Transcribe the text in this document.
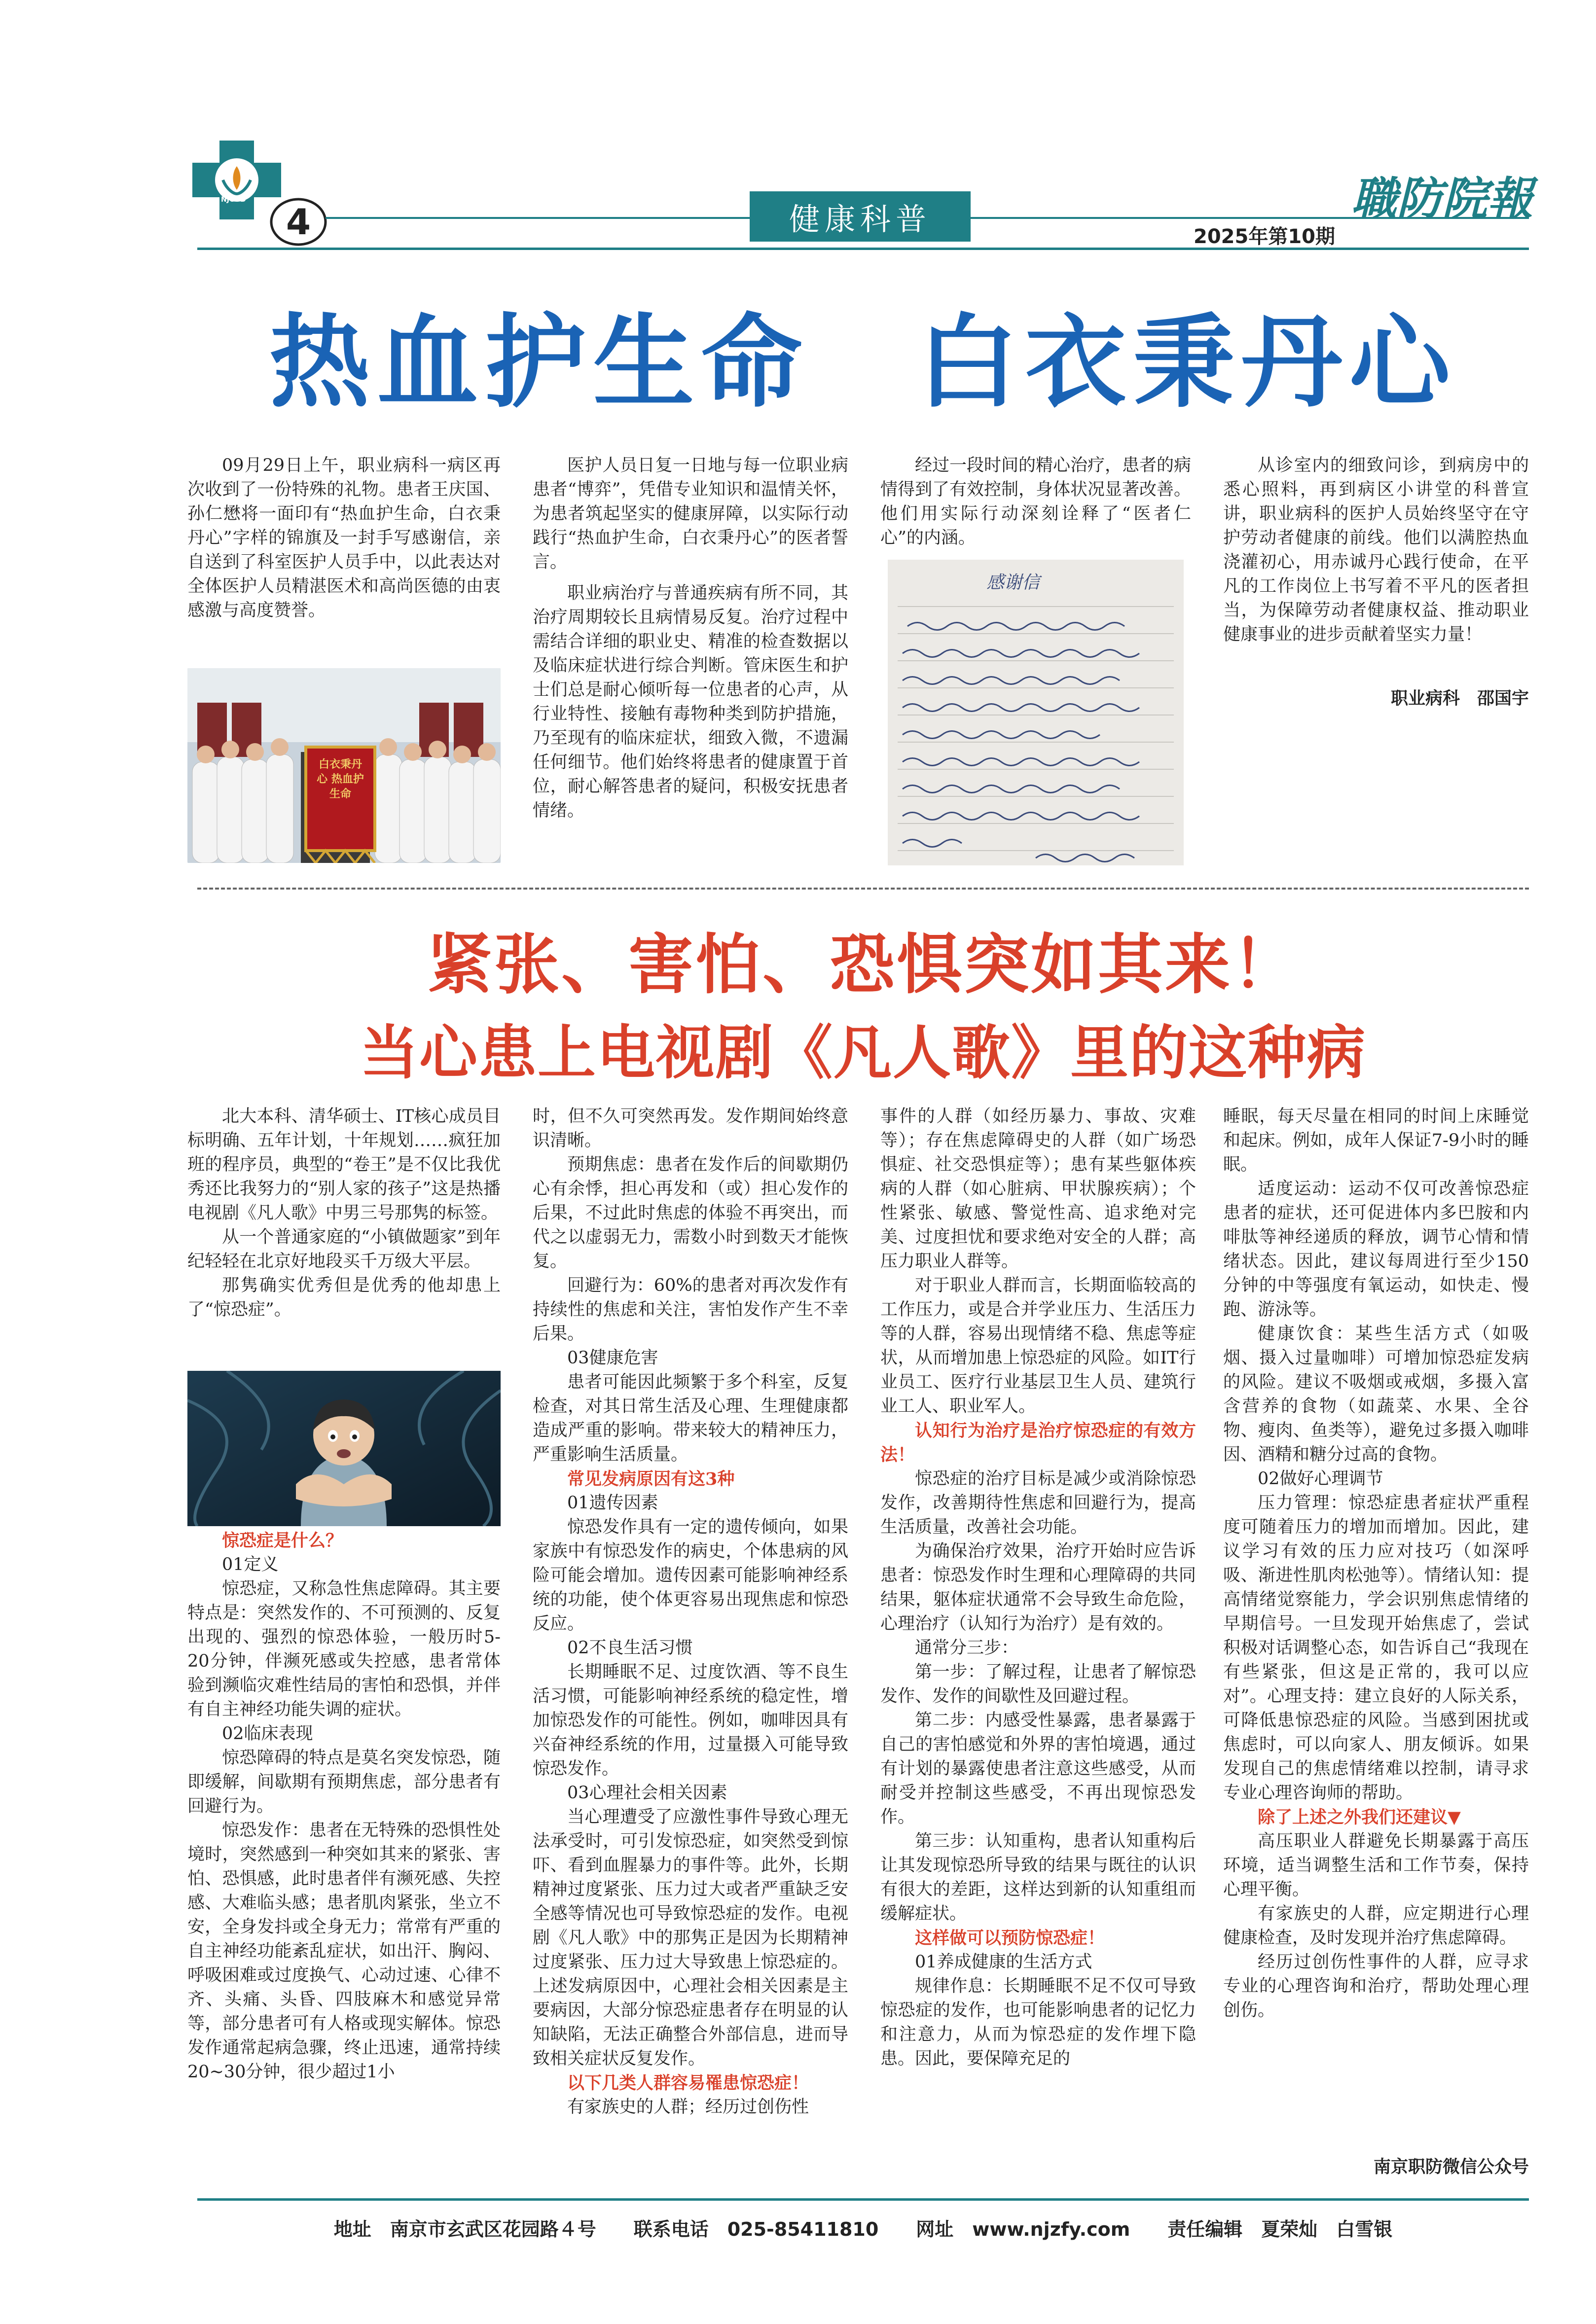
NJCOD
4	健康科普	2025年第10期
職防院報
热血护生命　白衣秉丹心

09月29日上午，职业病科一病区再次收到了一份特殊的礼物。患者王庆国、孙仁懋将一面印有“热血护生命，白衣秉丹心”字样的锦旗及一封手写感谢信，亲自送到了科室医护人员手中，以此表达对全体医护人员精湛医术和高尚医德的由衷感激与高度赞誉。

白衣秉丹心 热血护生命

医护人员日复一日地与每一位职业病患者“博弈”，凭借专业知识和温情关怀，为患者筑起坚实的健康屏障，以实际行动践行“热血护生命，白衣秉丹心”的医者誓言。

职业病治疗与普通疾病有所不同，其治疗周期较长且病情易反复。治疗过程中需结合详细的职业史、精准的检查数据以及临床症状进行综合判断。管床医生和护士们总是耐心倾听每一位患者的心声，从行业特性、接触有毒物种类到防护措施，乃至现有的临床症状，细致入微，不遗漏任何细节。他们始终将患者的健康置于首位，耐心解答患者的疑问，积极安抚患者情绪。

经过一段时间的精心治疗，患者的病情得到了有效控制，身体状况显著改善。他们用实际行动深刻诠释了“医者仁心”的内涵。

感谢信

从诊室内的细致问诊，到病房中的悉心照料，再到病区小讲堂的科普宣讲，职业病科的医护人员始终坚守在守护劳动者健康的前线。他们以满腔热血浇灌初心，用赤诚丹心践行使命，在平凡的工作岗位上书写着不平凡的医者担当，为保障劳动者健康权益、推动职业健康事业的进步贡献着坚实力量！

职业病科　邵国宇

紧张、害怕、恐惧突如其来！
当心患上电视剧《凡人歌》里的这种病

北大本科、清华硕士、IT核心成员目标明确、五年计划，十年规划……疯狂加班的程序员，典型的“卷王”是不仅比我优秀还比我努力的“别人家的孩子”这是热播电视剧《凡人歌》中男三号那隽的标签。

从一个普通家庭的“小镇做题家”到年纪轻轻在北京好地段买千万级大平层。

那隽确实优秀但是优秀的他却患上了“惊恐症”。

惊恐症是什么？

01定义

惊恐症，又称急性焦虑障碍。其主要特点是：突然发作的、不可预测的、反复出现的、强烈的惊恐体验，一般历时5-20分钟，伴濒死感或失控感，患者常体验到濒临灾难性结局的害怕和恐惧，并伴有自主神经功能失调的症状。

02临床表现

惊恐障碍的特点是莫名突发惊恐，随即缓解，间歇期有预期焦虑，部分患者有回避行为。

惊恐发作：患者在无特殊的恐惧性处境时，突然感到一种突如其来的紧张、害怕、恐惧感，此时患者伴有濒死感、失控感、大难临头感；患者肌肉紧张，坐立不安，全身发抖或全身无力；常常有严重的自主神经功能紊乱症状，如出汗、胸闷、呼吸困难或过度换气、心动过速、心律不齐、头痛、头昏、四肢麻木和感觉异常等，部分患者可有人格或现实解体。惊恐发作通常起病急骤，终止迅速，通常持续20~30分钟，很少超过1小

时，但不久可突然再发。发作期间始终意识清晰。

预期焦虑：患者在发作后的间歇期仍心有余悸，担心再发和（或）担心发作的后果，不过此时焦虑的体验不再突出，而代之以虚弱无力，需数小时到数天才能恢复。

回避行为：60%的患者对再次发作有持续性的焦虑和关注，害怕发作产生不幸后果。

03健康危害

患者可能因此频繁于多个科室，反复检查，对其日常生活及心理、生理健康都造成严重的影响。带来较大的精神压力，严重影响生活质量。

常见发病原因有这3种

01遗传因素

惊恐发作具有一定的遗传倾向，如果家族中有惊恐发作的病史，个体患病的风险可能会增加。遗传因素可能影响神经系统的功能，使个体更容易出现焦虑和惊恐反应。

02不良生活习惯

长期睡眠不足、过度饮酒、等不良生活习惯，可能影响神经系统的稳定性，增加惊恐发作的可能性。例如，咖啡因具有兴奋神经系统的作用，过量摄入可能导致惊恐发作。

03心理社会相关因素

当心理遭受了应激性事件导致心理无法承受时，可引发惊恐症，如突然受到惊吓、看到血腥暴力的事件等。此外，长期精神过度紧张、压力过大或者严重缺乏安全感等情况也可导致惊恐症的发作。电视剧《凡人歌》中的那隽正是因为长期精神过度紧张、压力过大导致患上惊恐症的。上述发病原因中，心理社会相关因素是主要病因，大部分惊恐症患者存在明显的认知缺陷，无法正确整合外部信息，进而导致相关症状反复发作。

以下几类人群容易罹患惊恐症！

有家族史的人群；经历过创伤性

事件的人群（如经历暴力、事故、灾难等）；存在焦虑障碍史的人群（如广场恐惧症、社交恐惧症等）；患有某些躯体疾病的人群（如心脏病、甲状腺疾病）；个性紧张、敏感、警觉性高、追求绝对完美、过度担忧和要求绝对安全的人群；高压力职业人群等。

对于职业人群而言，长期面临较高的工作压力，或是合并学业压力、生活压力等的人群，容易出现情绪不稳、焦虑等症状，从而增加患上惊恐症的风险。如IT行业员工、医疗行业基层卫生人员、建筑行业工人、职业军人。

认知行为治疗是治疗惊恐症的有效方法！

惊恐症的治疗目标是减少或消除惊恐发作，改善期待性焦虑和回避行为，提高生活质量，改善社会功能。

为确保治疗效果，治疗开始时应告诉患者：惊恐发作时生理和心理障碍的共同结果，躯体症状通常不会导致生命危险，心理治疗（认知行为治疗）是有效的。

通常分三步：

第一步：了解过程，让患者了解惊恐发作、发作的间歇性及回避过程。

第二步：内感受性暴露，患者暴露于自己的害怕感觉和外界的害怕境遇，通过有计划的暴露使患者注意这些感受，从而耐受并控制这些感受，不再出现惊恐发作。

第三步：认知重构，患者认知重构后让其发现惊恐所导致的结果与既往的认识有很大的差距，这样达到新的认知重组而缓解症状。

这样做可以预防惊恐症！

01养成健康的生活方式

规律作息：长期睡眠不足不仅可导致惊恐症的发作，也可能影响患者的记忆力和注意力，从而为惊恐症的发作埋下隐患。因此，要保障充足的

睡眠，每天尽量在相同的时间上床睡觉和起床。例如，成年人保证7-9小时的睡眠。

适度运动：运动不仅可改善惊恐症患者的症状，还可促进体内多巴胺和内啡肽等神经递质的释放，调节心情和情绪状态。因此，建议每周进行至少150分钟的中等强度有氧运动，如快走、慢跑、游泳等。

健康饮食：某些生活方式（如吸烟、摄入过量咖啡）可增加惊恐症发病的风险。建议不吸烟或戒烟，多摄入富含营养的食物（如蔬菜、水果、全谷物、瘦肉、鱼类等），避免过多摄入咖啡因、酒精和糖分过高的食物。

02做好心理调节

压力管理：惊恐症患者症状严重程度可随着压力的增加而增加。因此，建议学习有效的压力应对技巧（如深呼吸、渐进性肌肉松弛等）。情绪认知：提高情绪觉察能力，学会识别焦虑情绪的早期信号。一旦发现开始焦虑了，尝试积极对话调整心态，如告诉自己“我现在有些紧张，但这是正常的，我可以应对”。心理支持：建立良好的人际关系，可降低患惊恐症的风险。当感到困扰或焦虑时，可以向家人、朋友倾诉。如果发现自己的焦虑情绪难以控制，请寻求专业心理咨询师的帮助。

除了上述之外我们还建议▼

高压职业人群避免长期暴露于高压环境，适当调整生活和工作节奏，保持心理平衡。

有家族史的人群，应定期进行心理健康检查，及时发现并治疗焦虑障碍。

经历过创伤性事件的人群，应寻求专业的心理咨询和治疗，帮助处理心理创伤。

南京职防微信公众号

地址　南京市玄武区花园路４号　　联系电话　025-85411810　　网址　www.njzfy.com　　责任编辑　夏荣灿　白雪银
